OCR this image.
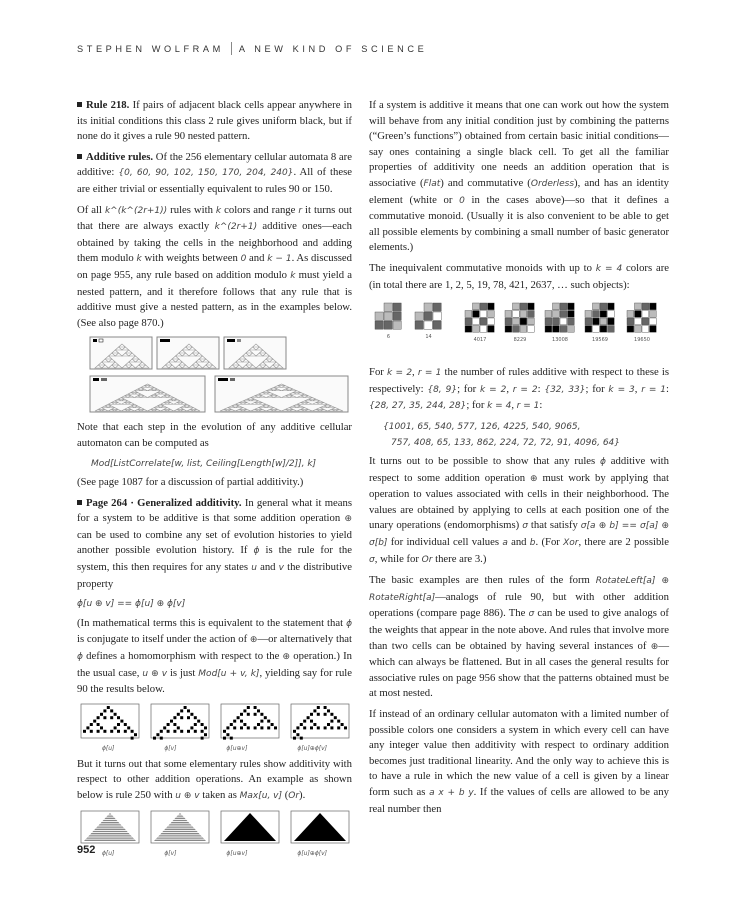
STEPHEN WOLFRAM A NEW KIND OF SCIENCE

Rule 218. If pairs of adjacent black cells appear anywhere in its initial conditions this class 2 rule gives uniform black, but if none do it gives a rule 90 nested pattern.

Additive rules. Of the 256 elementary cellular automata 8 are additive: {0, 60, 90, 102, 150, 170, 204, 240}. All of these are either trivial or essentially equivalent to rules 90 or 150.

Of all k^(k^(2r+1)) rules with k colors and range r it turns out that there are always exactly k^(2r+1) additive ones—each obtained by taking the cells in the neighborhood and adding them modulo k with weights between 0 and k − 1. As discussed on page 955, any rule based on addition modulo k must yield a nested pattern, and it therefore follows that any rule that is additive must give a nested pattern, as in the examples below. (See also page 870.)

Note that each step in the evolution of any additive cellular automaton can be computed as

Mod[ListCorrelate[w, list, Ceiling[Length[w]/2]], k]

(See page 1087 for a discussion of partial additivity.)

Page 264 · Generalized additivity. In general what it means for a system to be additive is that some addition operation ⊕ can be used to combine any set of evolution histories to yield another possible evolution history. If ϕ is the rule for the system, this then requires for any states u and v the distributive property

ϕ[u ⊕ v] == ϕ[u] ⊕ ϕ[v]

(In mathematical terms this is equivalent to the statement that ϕ is conjugate to itself under the action of ⊕—or alternatively that ϕ defines a homomorphism with respect to the ⊕ operation.) In the usual case, u ⊕ v is just Mod[u + v, k], yielding say for rule 90 the results below.

ϕ[u]	ϕ[v]	ϕ[u⊕v]	ϕ[u]⊕ϕ[v]

But it turns out that some elementary rules show additivity with respect to other addition operations. An example as shown below is rule 250 with u ⊕ v taken as Max[u, v] (Or).

ϕ[u]	ϕ[v]	ϕ[u⊕v]	ϕ[u]⊕ϕ[v]

If a system is additive it means that one can work out how the system will behave from any initial condition just by combining the patterns (“Green’s functions”) obtained from certain basic initial conditions—say ones containing a single black cell. To get all the familiar properties of additivity one needs an addition operation that is associative (Flat) and commutative (Orderless), and has an identity element (white or 0 in the cases above)—so that it defines a commutative monoid. (Usually it is also convenient to be able to get all possible elements by combining a small number of basic generator elements.)

The inequivalent commutative monoids with up to k = 4 colors are (in total there are 1, 2, 5, 19, 78, 421, 2637, … such objects):

6	14	4017	8229	13008	19569	19650

For k = 2, r = 1 the number of rules additive with respect to these is respectively: {8, 9}; for k = 2, r = 2: {32, 33}; for k = 3, r = 1: {28, 27, 35, 244, 28}; for k = 4, r = 1:

{1001, 65, 540, 577, 126, 4225, 540, 9065,

757, 408, 65, 133, 862, 224, 72, 72, 91, 4096, 64}

It turns out to be possible to show that any rules ϕ additive with respect to some addition operation ⊕ must work by applying that operation to values associated with cells in their neighborhood. The values are obtained by applying to cells at each position one of the unary operations (endomorphisms) σ that satisfy σ[a ⊕ b] == σ[a] ⊕ σ[b] for individual cell values a and b. (For Xor, there are 2 possible σ, while for Or there are 3.)

The basic examples are then rules of the form RotateLeft[a] ⊕ RotateRight[a]—analogs of rule 90, but with other addition operations (compare page 886). The σ can be used to give analogs of the weights that appear in the note above. And rules that involve more than two cells can be obtained by having several instances of ⊕—which can always be flattened. But in all cases the general results for associative rules on page 956 show that the patterns obtained must be at most nested.

If instead of an ordinary cellular automaton with a limited number of possible colors one considers a system in which every cell can have any integer value then additivity with respect to ordinary addition becomes just traditional linearity. And the only way to achieve this is to have a rule in which the new value of a cell is given by a linear form such as a x + b y. If the values of cells are allowed to be any real number then

952
